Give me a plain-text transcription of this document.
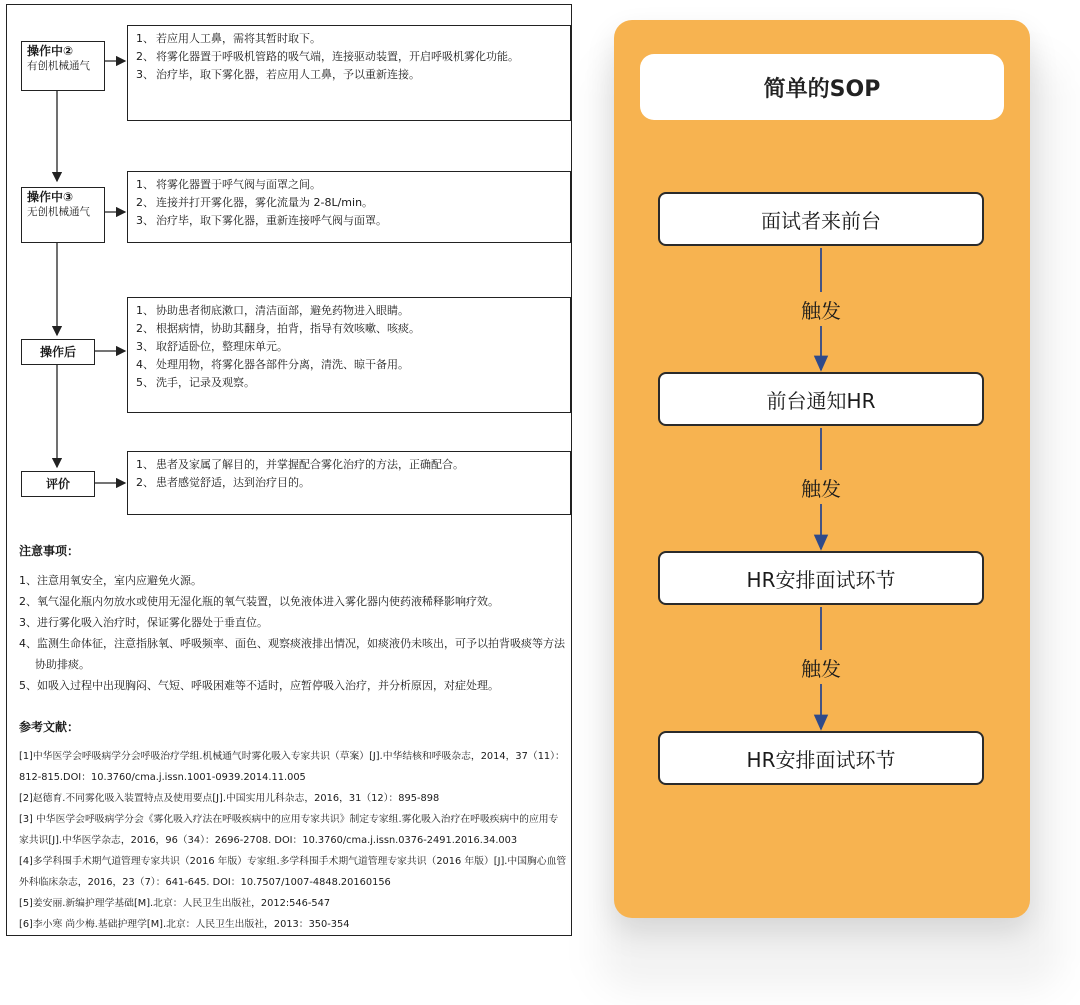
操作中②
有创机械通气
1、 若应用人工鼻，需将其暂时取下。
2、 将雾化器置于呼吸机管路的吸气端，连接驱动装置，开启呼吸机雾化功能。
3、 治疗毕，取下雾化器，若应用人工鼻，予以重新连接。
操作中③
无创机械通气
1、 将雾化器置于呼气阀与面罩之间。
2、 连接并打开雾化器，雾化流量为 2-8L/min。
3、 治疗毕，取下雾化器，重新连接呼气阀与面罩。
操作后
1、 协助患者彻底漱口，清洁面部，避免药物进入眼睛。
2、 根据病情，协助其翻身，拍背，指导有效咳嗽、咳痰。
3、 取舒适卧位，整理床单元。
4、 处理用物，将雾化器各部件分离，清洗、晾干备用。
5、 洗手，记录及观察。
评价
1、 患者及家属了解目的，并掌握配合雾化治疗的方法，正确配合。
2、 患者感觉舒适，达到治疗目的。
注意事项：
1、注意用氧安全，室内应避免火源。
2、氧气湿化瓶内勿放水或使用无湿化瓶的氧气装置，以免液体进入雾化器内使药液稀释影响疗效。
3、进行雾化吸入治疗时，保证雾化器处于垂直位。
4、监测生命体征，注意指脉氧、呼吸频率、面色、观察痰液排出情况，如痰液仍未咳出，可予以拍背吸痰等方法协助排痰。
5、如吸入过程中出现胸闷、气短、呼吸困难等不适时，应暂停吸入治疗，并分析原因，对症处理。
参考文献：
[1]中华医学会呼吸病学分会呼吸治疗学组.机械通气时雾化吸入专家共识（草案）[J].中华结核和呼吸杂志，2014，37（11）：812-815.DOI：10.3760/cma.j.issn.1001-0939.2014.11.005
[2]赵德育.不同雾化吸入装置特点及使用要点[J].中国实用儿科杂志，2016，31（12）：895-898
[3] 中华医学会呼吸病学分会《雾化吸入疗法在呼吸疾病中的应用专家共识》制定专家组.雾化吸入治疗在呼吸疾病中的应用专家共识[J].中华医学杂志，2016，96（34）：2696-2708. DOI：10.3760/cma.j.issn.0376-2491.2016.34.003
[4]多学科围手术期气道管理专家共识（2016 年版）专家组.多学科围手术期气道管理专家共识（2016 年版）[J].中国胸心血管外科临床杂志，2016，23（7）：641-645. DOI：10.7507/1007-4848.20160156
[5]姜安丽.新编护理学基础[M].北京：人民卫生出版社，2012:546-547
[6]李小寒 尚少梅.基础护理学[M].北京：人民卫生出版社，2013：350-354
简单的SOP
面试者来前台
触发
前台通知HR
触发
HR安排面试环节
触发
HR安排面试环节
